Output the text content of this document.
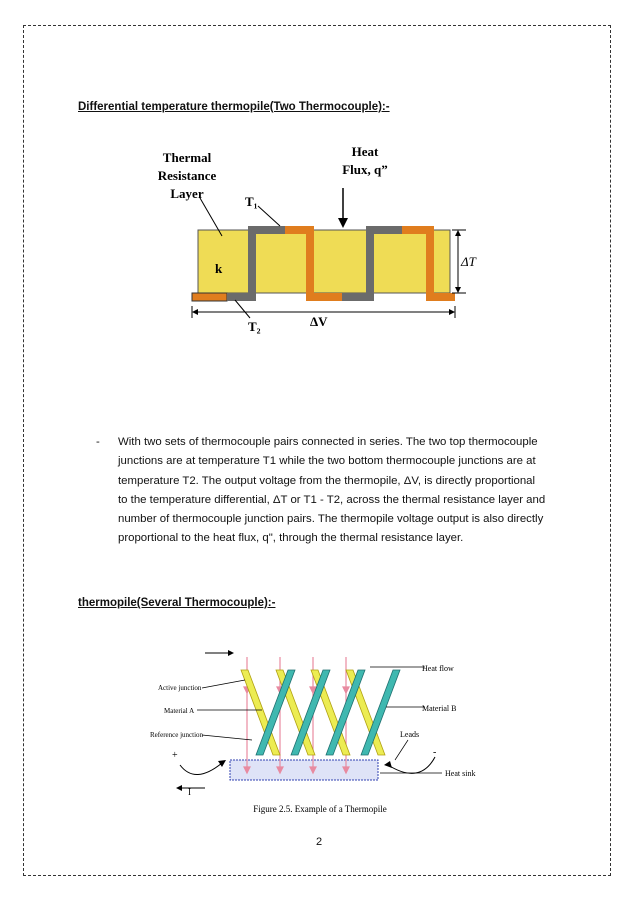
Differential temperature thermopile(Two Thermocouple):-
Thermal
Resistance
Layer
Heat
Flux, q”
T₁
T₂
k	ΔT
ΔV
- With two sets of thermocouple pairs connected in series. The two top thermocouple junctions are at temperature T1 while the two bottom thermocouple junctions are at temperature T2. The output voltage from the thermopile, ΔV, is directly proportional to the temperature differential, ΔT or T1 - T2, across the thermal resistance layer and number of thermocouple junction pairs. The thermopile voltage output is also directly proportional to the heat flux, q", through the thermal resistance layer.
thermopile(Several Thermocouple):-
Heat flow
Active junction
Material A	Material B
Reference junction	Leads
+	-
I
Heat sink
Figure 2.5. Example of a Thermopile
2
